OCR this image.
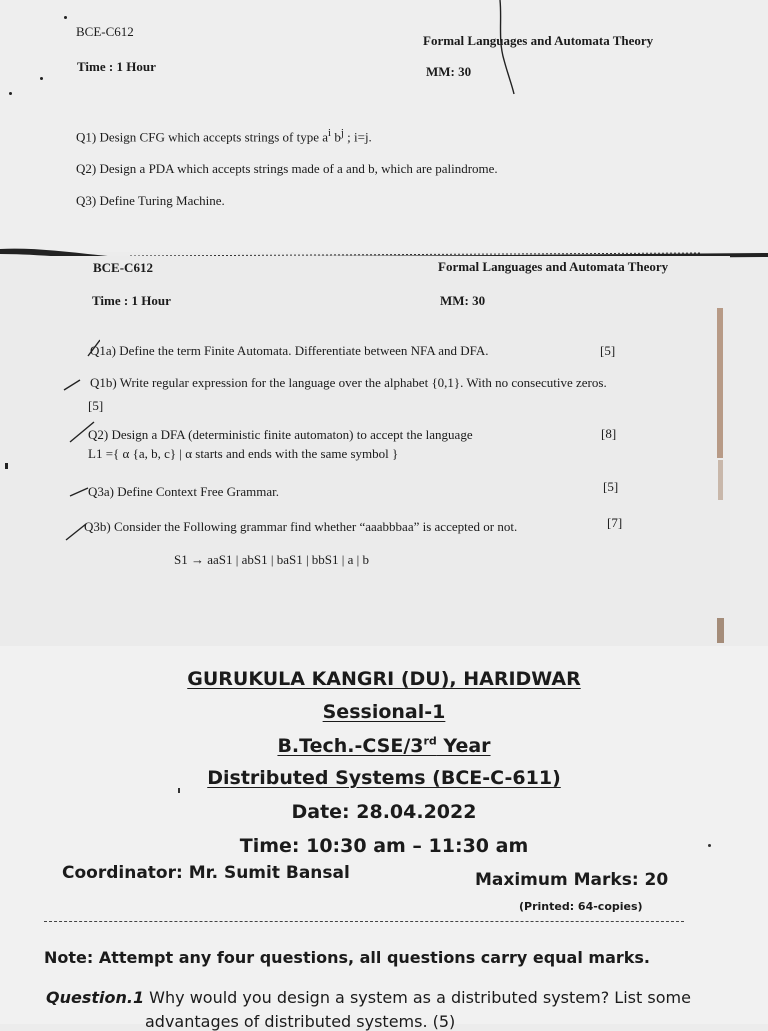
BCE-C612
Formal Languages and Automata Theory
Time : 1 Hour	MM: 30
Q1) Design CFG which accepts strings of type $a^i$ $b^j$ ; i=j.
Q2) Design a PDA which accepts strings made of a and b, which are palindrome.
Q3) Define Turing Machine.
BCE-C612	Formal Languages and Automata Theory
Time : 1 Hour	MM: 30
Q1a) Define the term Finite Automata. Differentiate between NFA and DFA.	[5]
Q1b) Write regular expression for the language over the alphabet {0,1}. With no consecutive zeros.
[5]
Q2) Design a DFA (deterministic finite automaton) to accept the language	[8]
L1 ={ α {a, b, c} | α starts and ends with the same symbol }
Q3a) Define Context Free Grammar.	[5]
Q3b) Consider the Following grammar find whether “aaabbbaa” is accepted or not.	[7]
S1 → aaS1 | abS1 | baS1 | bbS1 | a | b
GURUKULA KANGRI (DU), HARIDWAR
Sessional-1
B.Tech.-CSE/3rd Year
Distributed Systems (BCE-C-611)
Date: 28.04.2022
Time: 10:30 am – 11:30 am
Coordinator: Mr. Sumit Bansal	Maximum Marks: 20
(Printed: 64-copies)
Note: Attempt any four questions, all questions carry equal marks.
Question.1 Why would you design a system as a distributed system? List some
advantages of distributed systems. (5)
